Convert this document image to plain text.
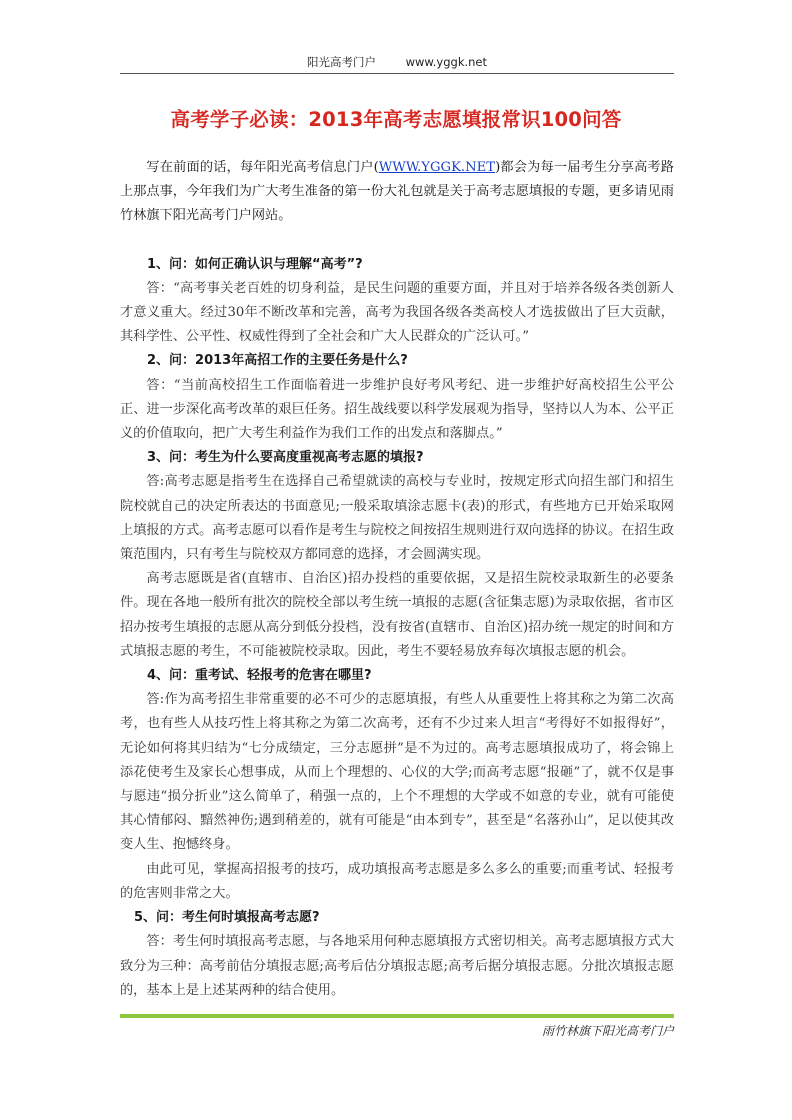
阳光高考门户	www.yggk.net
高考学子必读：2013年高考志愿填报常识100问答

写在前面的话，每年阳光高考信息门户(WWW.YGGK.NET)都会为每一届考生分享高考路上那点事，今年我们为广大考生准备的第一份大礼包就是关于高考志愿填报的专题，更多请见雨竹林旗下阳光高考门户网站。

1、问：如何正确认识与理解“高考”?

答：“高考事关老百姓的切身利益，是民生问题的重要方面，并且对于培养各级各类创新人才意义重大。经过30年不断改革和完善，高考为我国各级各类高校人才选拔做出了巨大贡献，其科学性、公平性、权威性得到了全社会和广大人民群众的广泛认可。”

2、问：2013年高招工作的主要任务是什么?

答：“当前高校招生工作面临着进一步维护良好考风考纪、进一步维护好高校招生公平公正、进一步深化高考改革的艰巨任务。招生战线要以科学发展观为指导，坚持以人为本、公平正义的价值取向，把广大考生利益作为我们工作的出发点和落脚点。”

3、问：考生为什么要高度重视高考志愿的填报?

答:高考志愿是指考生在选择自己希望就读的高校与专业时，按规定形式向招生部门和招生院校就自己的决定所表达的书面意见;一般采取填涂志愿卡(表)的形式，有些地方已开始采取网上填报的方式。高考志愿可以看作是考生与院校之间按招生规则进行双向选择的协议。在招生政策范围内，只有考生与院校双方都同意的选择，才会圆满实现。

高考志愿既是省(直辖市、自治区)招办投档的重要依据，又是招生院校录取新生的必要条件。现在各地一般所有批次的院校全部以考生统一填报的志愿(含征集志愿)为录取依据，省市区招办按考生填报的志愿从高分到低分投档，没有按省(直辖市、自治区)招办统一规定的时间和方式填报志愿的考生，不可能被院校录取。因此，考生不要轻易放弃每次填报志愿的机会。

4、问：重考试、轻报考的危害在哪里?

答:作为高考招生非常重要的必不可少的志愿填报，有些人从重要性上将其称之为第二次高考，也有些人从技巧性上将其称之为第二次高考，还有不少过来人坦言“考得好不如报得好”，无论如何将其归结为“七分成绩定，三分志愿拼”是不为过的。高考志愿填报成功了，将会锦上添花使考生及家长心想事成，从而上个理想的、心仪的大学;而高考志愿“报砸”了，就不仅是事与愿违“损分折业”这么简单了，稍强一点的，上个不理想的大学或不如意的专业，就有可能使其心情郁闷、黯然神伤;遇到稍差的，就有可能是“由本到专”，甚至是“名落孙山”，足以使其改变人生、抱憾终身。

由此可见，掌握高招报考的技巧，成功填报高考志愿是多么多么的重要;而重考试、轻报考的危害则非常之大。

5、问：考生何时填报高考志愿?

答：考生何时填报高考志愿，与各地采用何种志愿填报方式密切相关。高考志愿填报方式大致分为三种：高考前估分填报志愿;高考后估分填报志愿;高考后据分填报志愿。分批次填报志愿的，基本上是上述某两种的结合使用。

雨竹林旗下阳光高考门户
